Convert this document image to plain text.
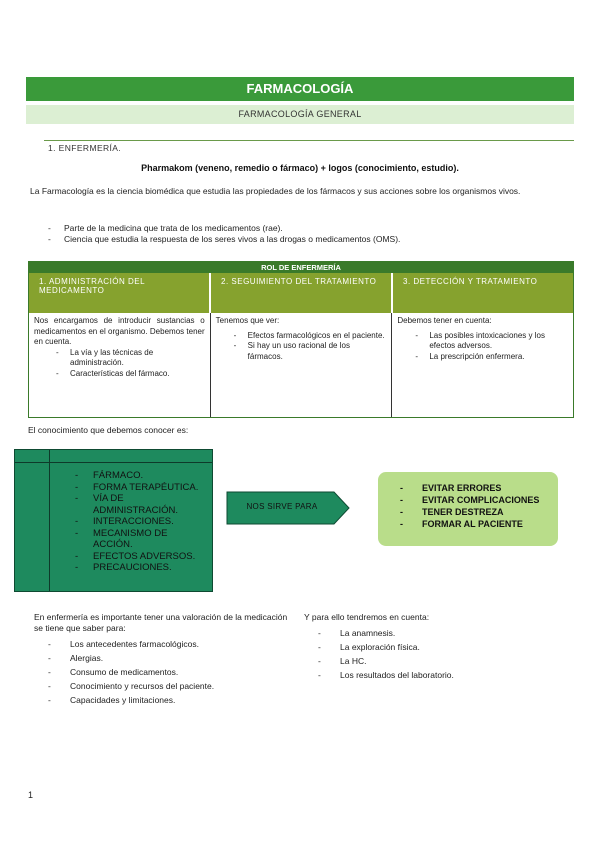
FARMACOLOGÍA
FARMACOLOGÍA GENERAL
1. ENFERMERÍA.
Pharmakom (veneno, remedio o fármaco) + logos (conocimiento, estudio).
La Farmacología es la ciencia biomédica que estudia las propiedades de los fármacos y sus acciones sobre los organismos vivos.
- Parte de la medicina que trata de los medicamentos (rae).
- Ciencia que estudia la respuesta de los seres vivos a las drogas o medicamentos (OMS).
ROL DE ENFERMERÍA
1. ADMINISTRACIÓN DEL MEDICAMENTO
2. SEGUIMIENTO DEL TRATAMIENTO	3. DETECCIÓN Y TRATAMIENTO
Nos encargamos de introducir sustancias o medicamentos en el organismo. Debemos tener en cuenta.
- La vía y las técnicas de administración.
- Características del fármaco.
Tenemos que ver:
- Efectos farmacológicos en el paciente.
- Si hay un uso racional de los fármacos.
Debemos tener en cuenta:
- Las posibles intoxicaciones y los efectos adversos.
- La prescripción enfermera.
El conocimiento que debemos conocer es:
- FÁRMACO.
- FORMA TERAPÉUTICA.
- VÍA DE ADMINISTRACIÓN.
- INTERACCIONES.
- MECANISMO DE ACCIÓN.
- EFECTOS ADVERSOS.
- PRECAUCIONES.
NOS SIRVE PARA
- EVITAR ERRORES
- EVITAR COMPLICACIONES
- TENER DESTREZA
- FORMAR AL PACIENTE
En enfermería es importante tener una valoración de la medicación se tiene que saber para:
- Los antecedentes farmacológicos.
- Alergias.
- Consumo de medicamentos.
- Conocimiento y recursos del paciente.
- Capacidades y limitaciones.
Y para ello tendremos en cuenta:
- La anamnesis.
- La exploración física.
- La HC.
- Los resultados del laboratorio.
1
